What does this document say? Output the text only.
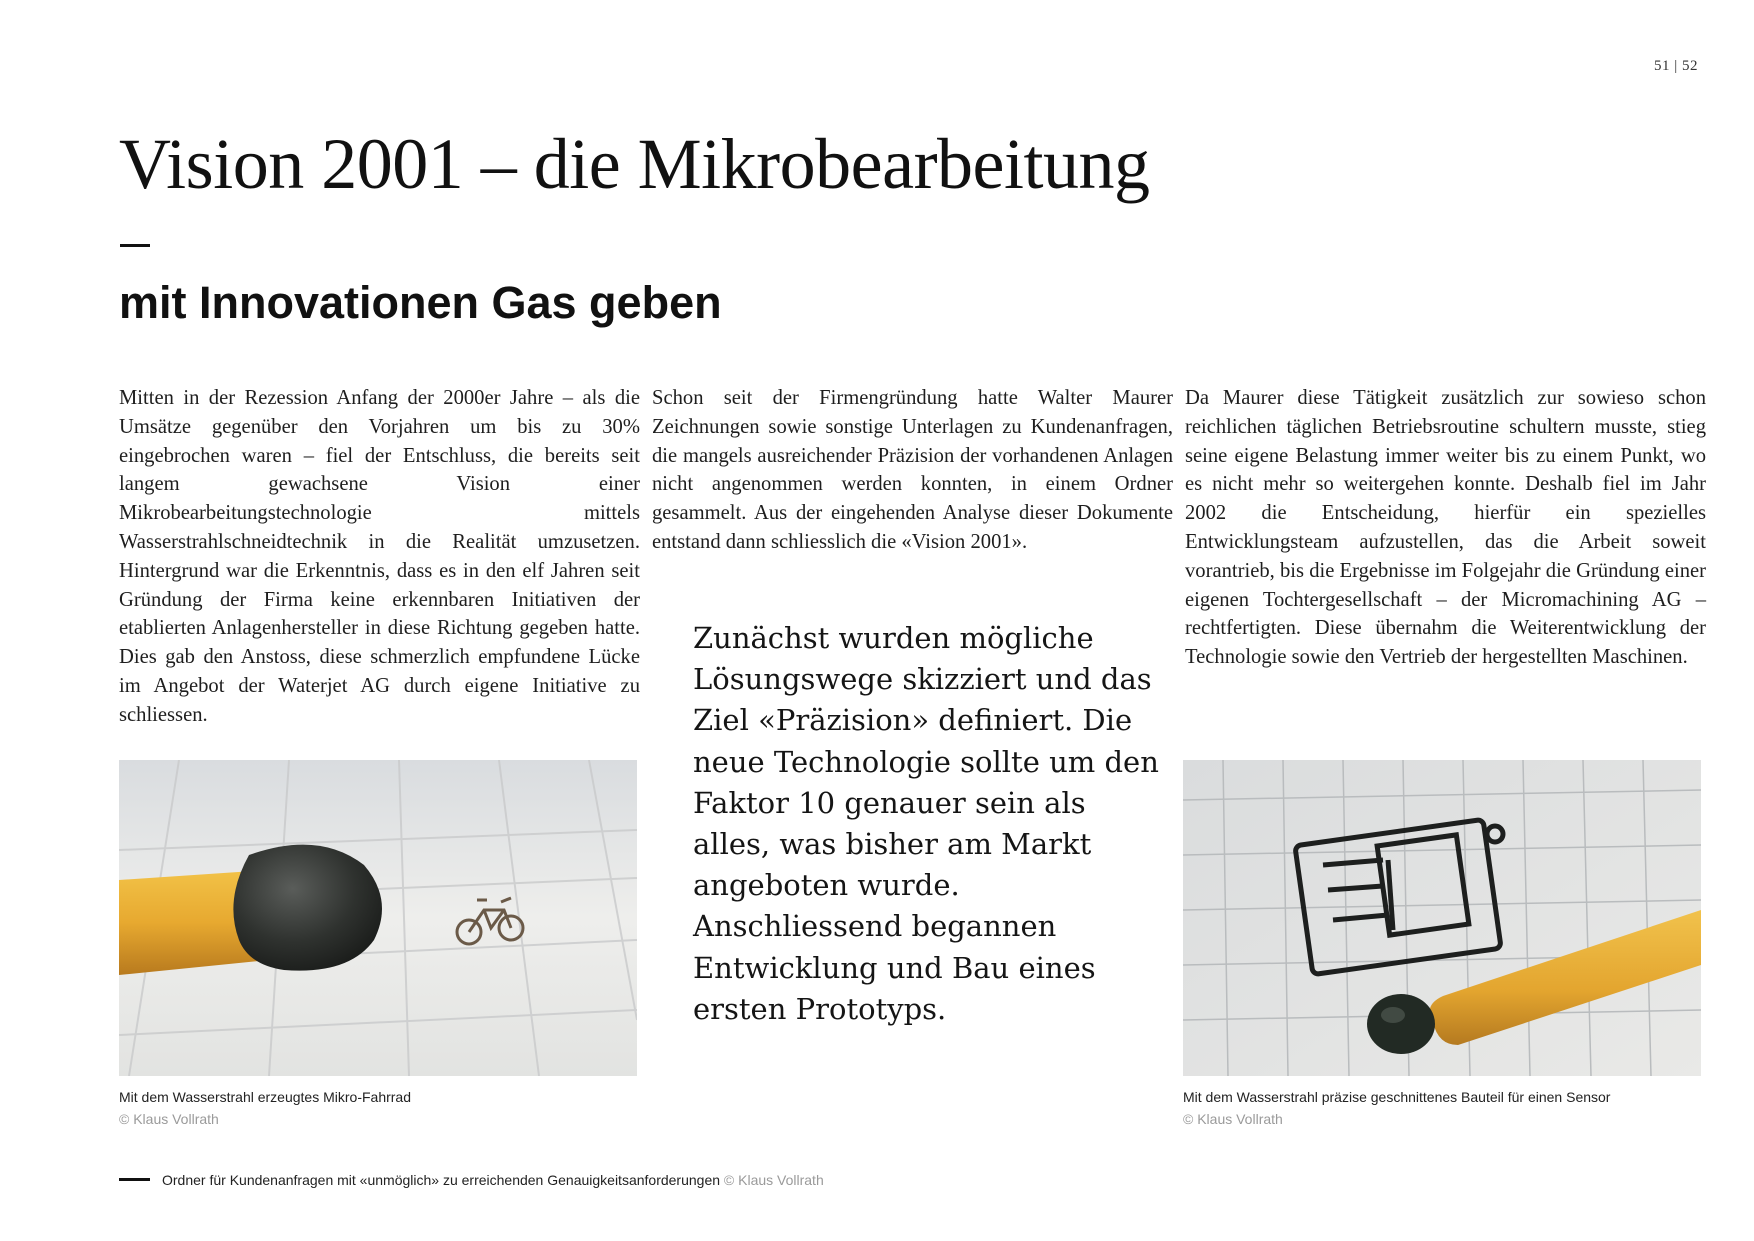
51 | 52
Vision 2001 – die Mikrobearbeitung
mit Innovationen Gas geben

Mitten in der Rezession Anfang der 2000er Jahre – als die Umsätze gegenüber den Vorjahren um bis zu 30% eingebrochen waren – fiel der Entschluss, die bereits seit langem gewachsene Vision einer Mikrobearbeitungstechnologie mittels Wasserstrahlschneidtechnik in die Realität umzusetzen. Hintergrund war die Erkenntnis, dass es in den elf Jahren seit Gründung der Firma keine erkennbaren Initiativen der etablierten Anlagenhersteller in diese Richtung gegeben hatte. Dies gab den Anstoss, diese schmerzlich empfundene Lücke im Angebot der Waterjet AG durch eigene Initiative zu schliessen.

Schon seit der Firmengründung hatte Walter Maurer Zeichnungen sowie sonstige Unterlagen zu Kundenanfragen, die mangels ausreichender Präzision der vorhandenen Anlagen nicht angenommen werden konnten, in einem Ordner gesammelt. Aus der eingehenden Analyse dieser Dokumente entstand dann schliesslich die «Vision 2001».

Da Maurer diese Tätigkeit zusätzlich zur sowieso schon reichlichen täglichen Betriebsroutine schultern musste, stieg seine eigene Belastung immer weiter bis zu einem Punkt, wo es nicht mehr so weitergehen konnte. Deshalb fiel im Jahr 2002 die Entscheidung, hierfür ein spezielles Entwicklungsteam aufzustellen, das die Arbeit soweit vorantrieb, bis die Ergebnisse im Folgejahr die Gründung einer eigenen Tochtergesellschaft – der Micromachining AG – rechtfertigten. Diese übernahm die Weiterentwicklung der Technologie sowie den Vertrieb der hergestellten Maschinen.

Zunächst wurden mögliche Lösungswege skizziert und das Ziel «Präzision» definiert. Die neue Technologie sollte um den Faktor 10 genauer sein als alles, was bisher am Markt angeboten wurde. Anschliessend begannen Entwicklung und Bau eines ersten Prototyps.

Mit dem Wasserstrahl erzeugtes Mikro-Fahrrad
© Klaus Vollrath
Mit dem Wasserstrahl präzise geschnittenes Bauteil für einen Sensor
© Klaus Vollrath
Ordner für Kundenanfragen mit «unmöglich» zu erreichenden Genauigkeitsanforderungen © Klaus Vollrath
